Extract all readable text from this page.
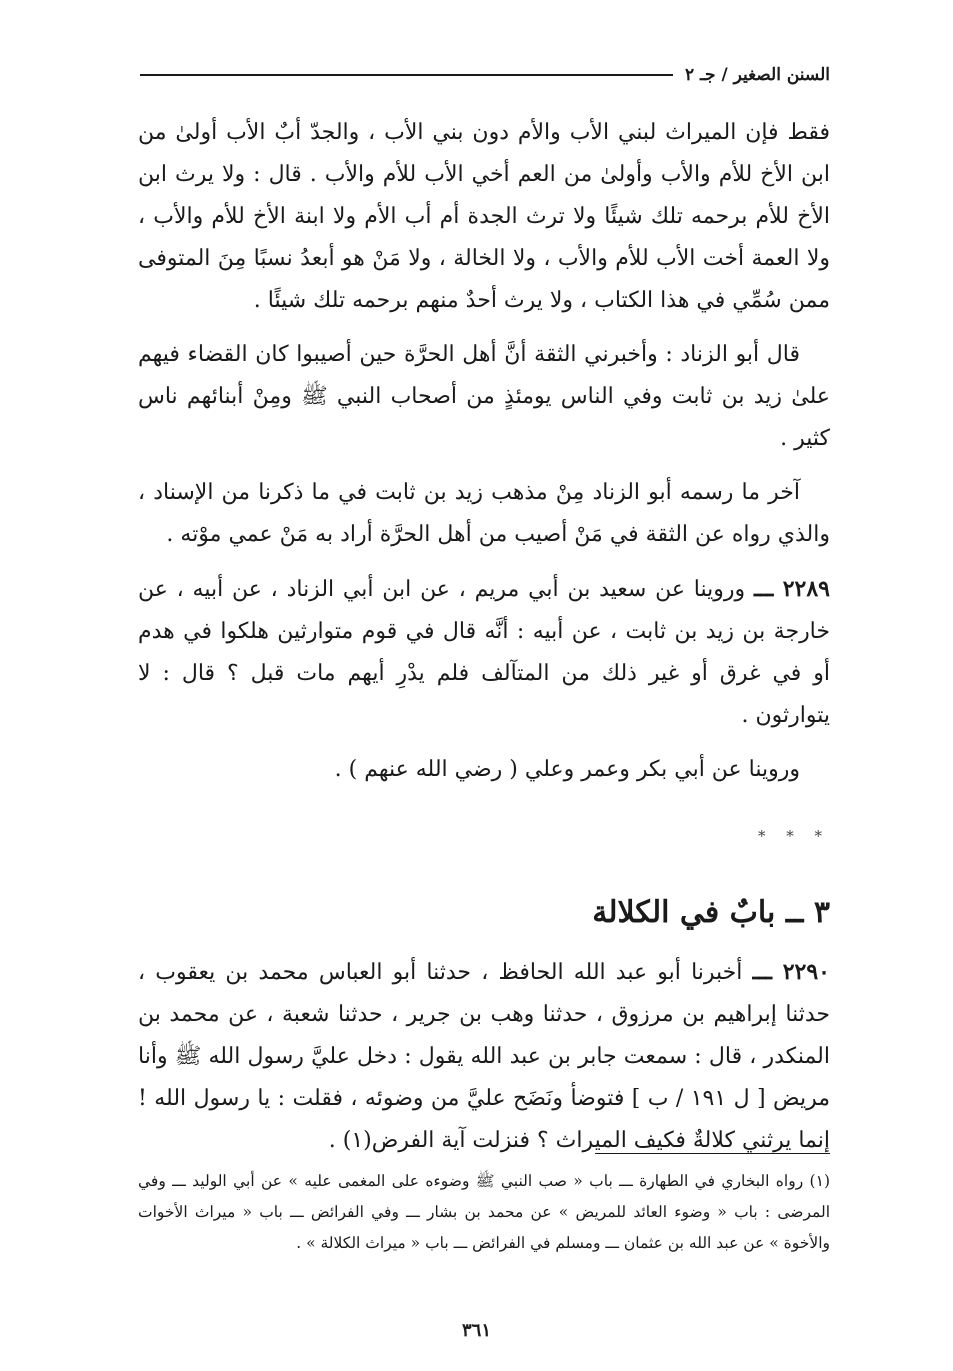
السنن الصغير / جـ ٢

فقط فإن الميراث لبني الأب والأم دون بني الأب ، والجدّ أبٌ الأب أولىٰ من ابن الأخ للأم والأب وأولىٰ من العم أخي الأب للأم والأب . قال : ولا يرث ابن الأخ للأم برحمه تلك شيئًا ولا ترث الجدة أم أب الأم ولا ابنة الأخ للأم والأب ، ولا العمة أخت الأب للأم والأب ، ولا الخالة ، ولا مَنْ هو أبعدُ نسبًا مِنَ المتوفى ممن سُمِّي في هذا الكتاب ، ولا يرث أحدٌ منهم برحمه تلك شيئًا .

قال أبو الزناد : وأخبرني الثقة أنَّ أهل الحرَّة حين أصيبوا كان القضاء فيهم علىٰ زيد بن ثابت وفي الناس يومئذٍ من أصحاب النبي ﷺ ومِنْ أبنائهم ناس كثير .

آخر ما رسمه أبو الزناد مِنْ مذهب زيد بن ثابت في ما ذكرنا من الإسناد ، والذي رواه عن الثقة في مَنْ أصيب من أهل الحرَّة أراد به مَنْ عمي موْته .

٢٢٨٩ ـــ وروينا عن سعيد بن أبي مريم ، عن ابن أبي الزناد ، عن أبيه ، عن خارجة بن زيد بن ثابت ، عن أبيه : أنَّه قال في قوم متوارثين هلكوا في هدم أو في غرق أو غير ذلك من المتآلف فلم يدْرِ أيهم مات قبل ؟ قال : لا يتوارثون .

وروينا عن أبي بكر وعمر وعلي ( رضي الله عنهم ) .

* * *
٣ ــ بابٌ في الكلالة

٢٢٩٠ ـــ أخبرنا أبو عبد الله الحافظ ، حدثنا أبو العباس محمد بن يعقوب ، حدثنا إبراهيم بن مرزوق ، حدثنا وهب بن جرير ، حدثنا شعبة ، عن محمد بن المنكدر ، قال : سمعت جابر بن عبد الله يقول : دخل عليَّ رسول الله ﷺ وأنا مريض [ ل ١٩١ / ب ] فتوضأ ونَضَح عليَّ من وضوئه ، فقلت : يا رسول الله ! إنما يرثني كلالةٌ فكيف الميراث ؟ فنزلت آية الفرض(١) .

(١) رواه البخاري في الطهارة ـــ باب « صب النبي ﷺ وضوءه على المغمى عليه » عن أبي الوليد ـــ وفي المرضى : باب « وضوء العائد للمريض » عن محمد بن بشار ـــ وفي الفرائض ـــ باب « ميراث الأخوات والأخوة » عن عبد الله بن عثمان ـــ ومسلم في الفرائض ـــ باب « ميراث الكلالة » .

٣٦١
